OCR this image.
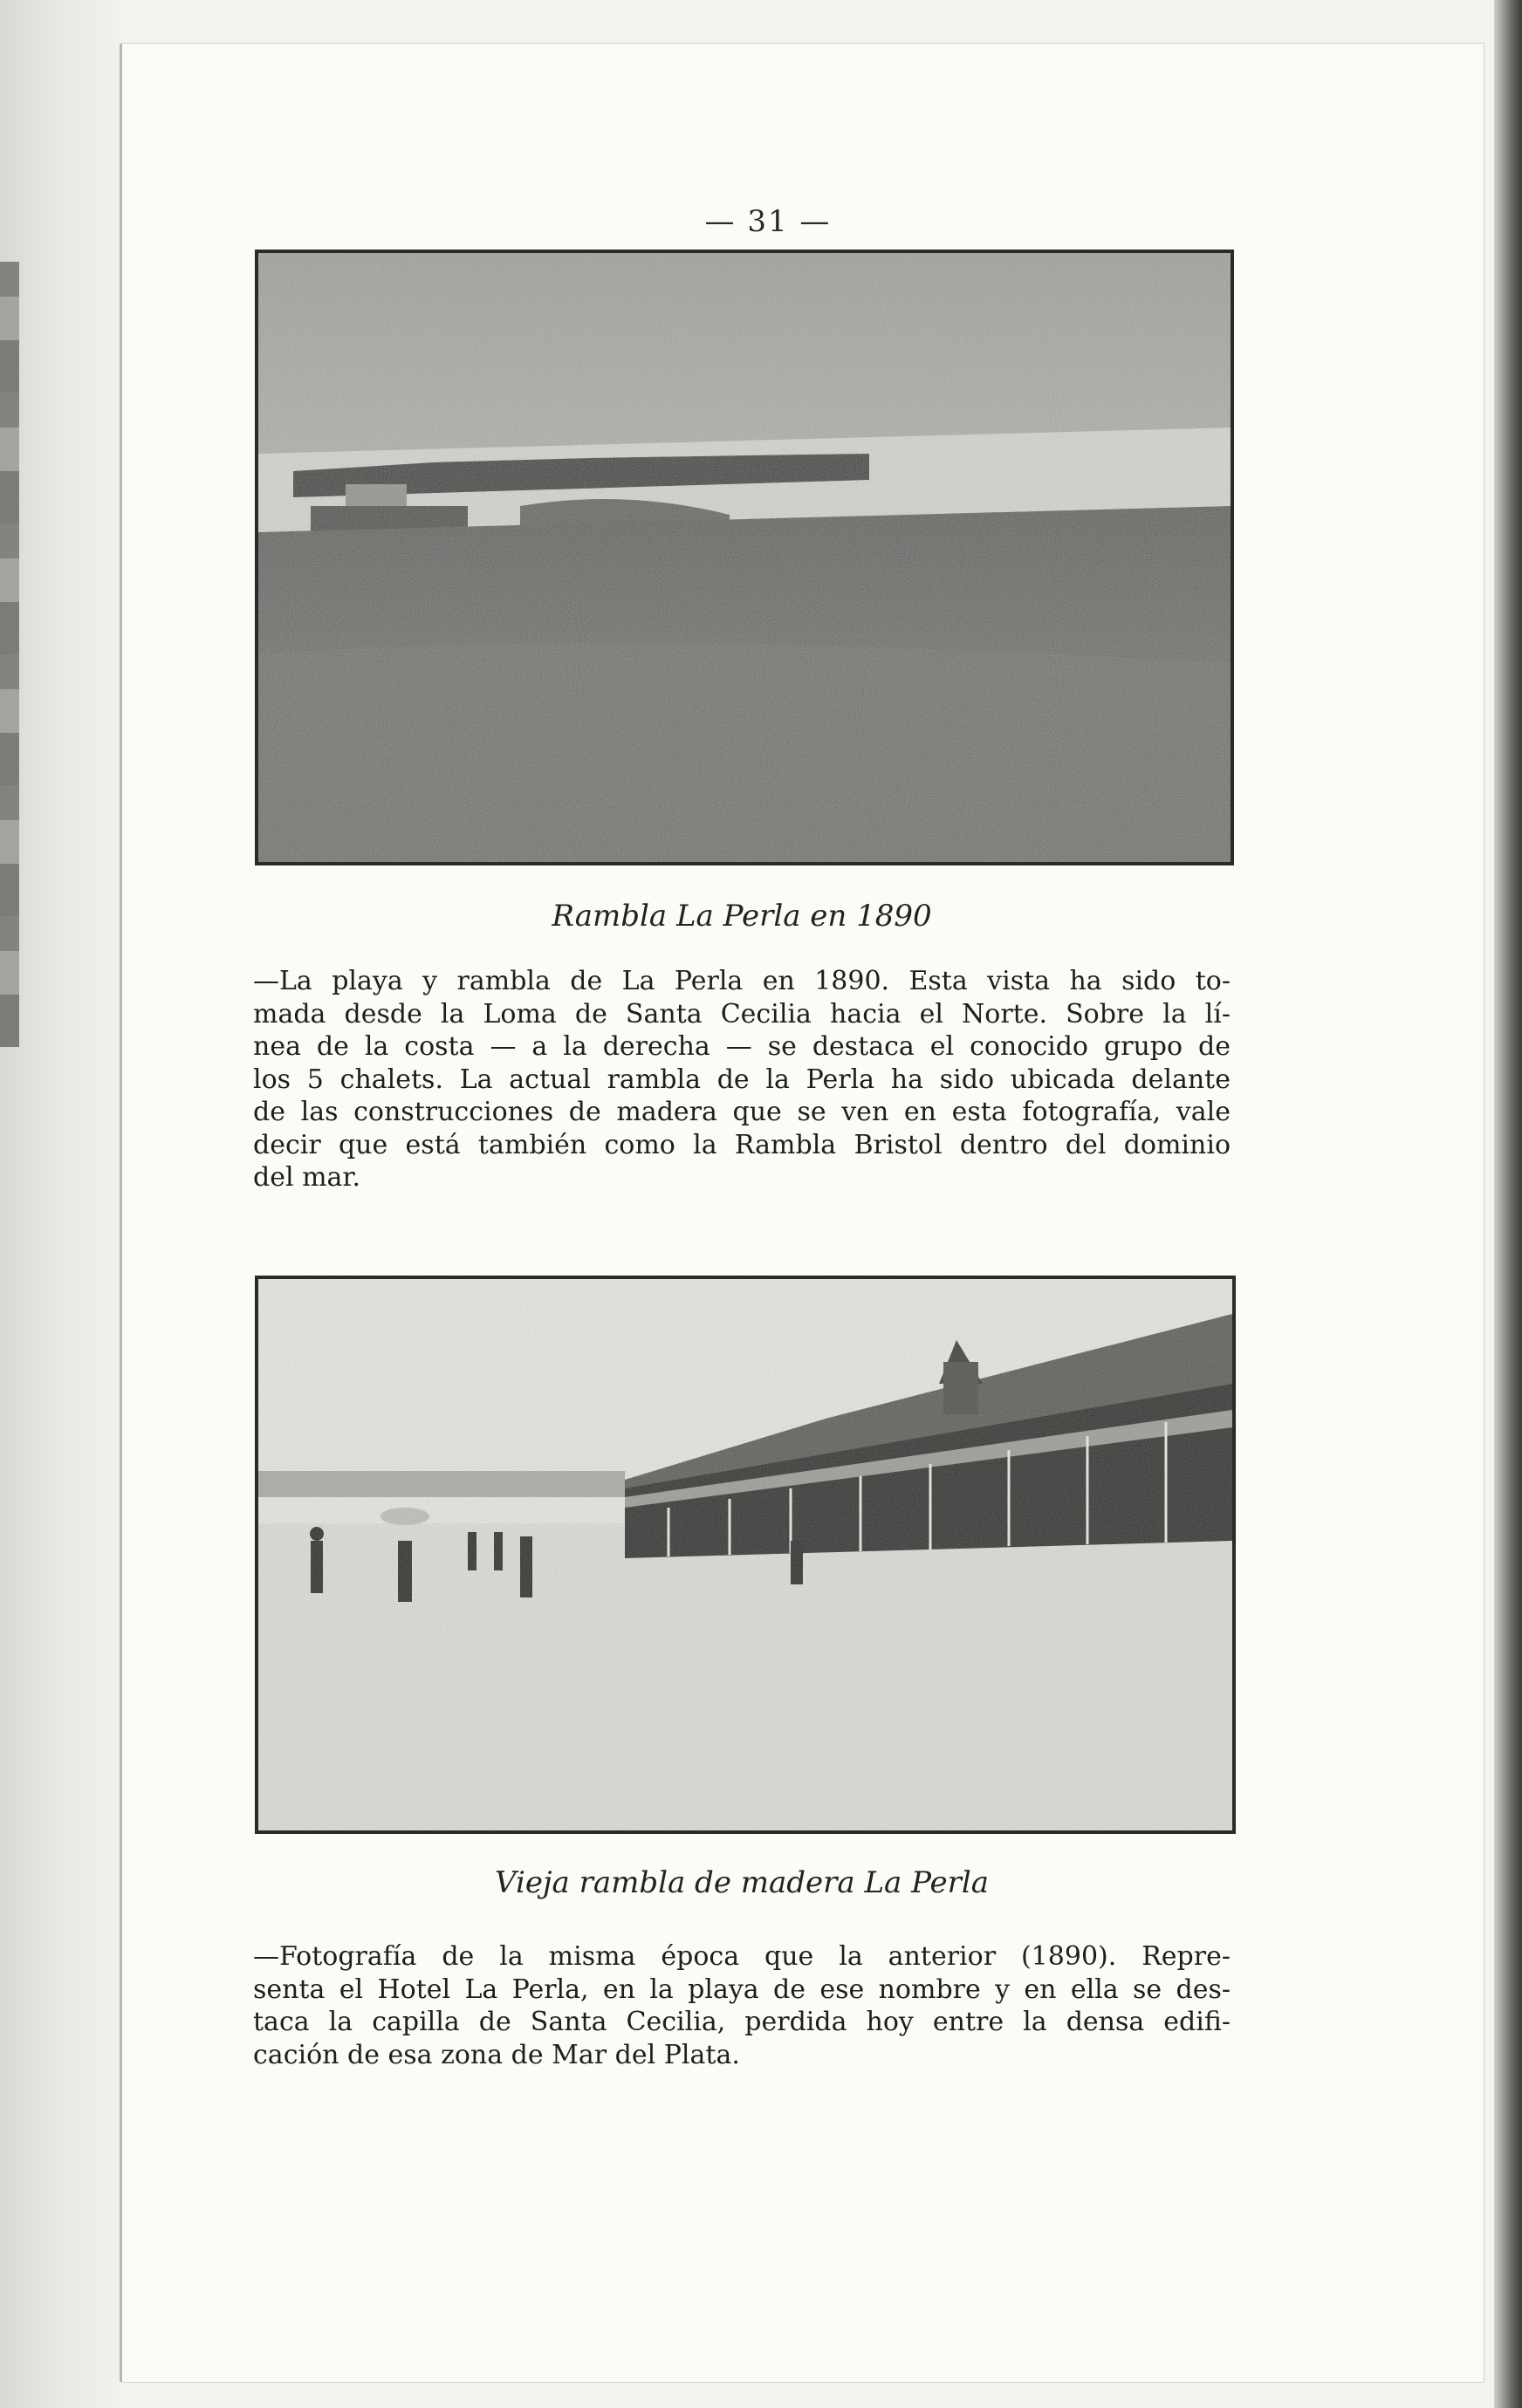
— 31 —
Rambla La Perla en 1890
—La playa y rambla de La Perla en 1890. Esta vista ha sido to-
mada desde la Loma de Santa Cecilia hacia el Norte. Sobre la lí-
nea de la costa — a la derecha — se destaca el conocido grupo de
los 5 chalets. La actual rambla de la Perla ha sido ubicada delante
de las construcciones de madera que se ven en esta fotografía, vale
decir que está también como la Rambla Bristol dentro del dominio
del mar.
Vieja rambla de madera La Perla
—Fotografía de la misma época que la anterior (1890). Repre-
senta el Hotel La Perla, en la playa de ese nombre y en ella se des-
taca la capilla de Santa Cecilia, perdida hoy entre la densa edifi-
cación de esa zona de Mar del Plata.
